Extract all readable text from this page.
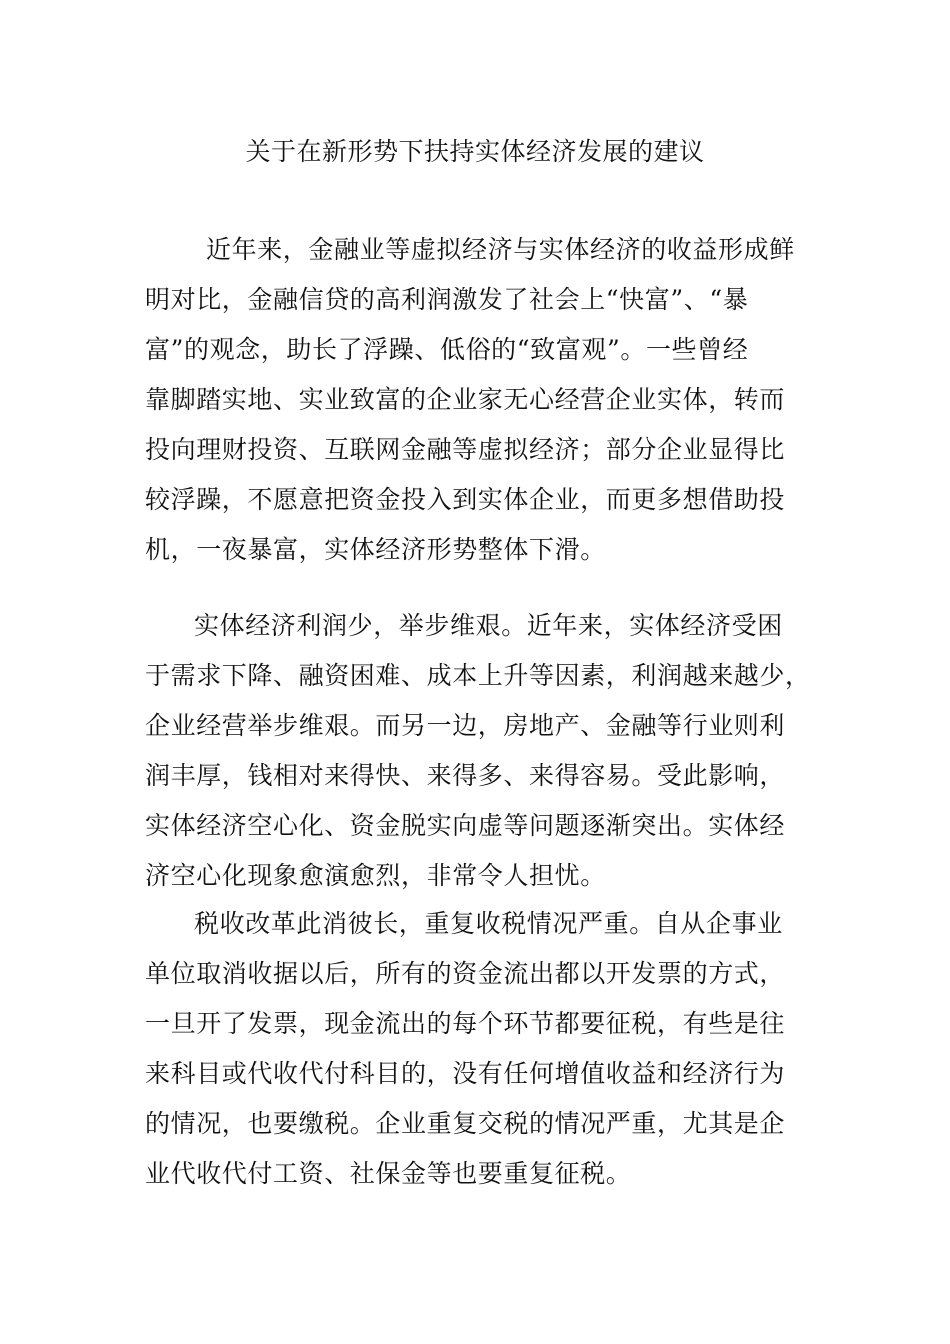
关于在新形势下扶持实体经济发展的建议
近年来，金融业等虚拟经济与实体经济的收益形成鲜
明对比，金融信贷的高利润激发了社会上“快富”、“暴
富”的观念，助长了浮躁、低俗的“致富观”。一些曾经
靠脚踏实地、实业致富的企业家无心经营企业实体，转而
投向理财投资、互联网金融等虚拟经济；部分企业显得比
较浮躁，不愿意把资金投入到实体企业，而更多想借助投
机，一夜暴富，实体经济形势整体下滑。
实体经济利润少，举步维艰。近年来，实体经济受困
于需求下降、融资困难、成本上升等因素，利润越来越少，
企业经营举步维艰。而另一边，房地产、金融等行业则利
润丰厚，钱相对来得快、来得多、来得容易。受此影响，
实体经济空心化、资金脱实向虚等问题逐渐突出。实体经
济空心化现象愈演愈烈，非常令人担忧。
税收改革此消彼长，重复收税情况严重。自从企事业
单位取消收据以后，所有的资金流出都以开发票的方式，
一旦开了发票，现金流出的每个环节都要征税，有些是往
来科目或代收代付科目的，没有任何增值收益和经济行为
的情况，也要缴税。企业重复交税的情况严重，尤其是企
业代收代付工资、社保金等也要重复征税。
